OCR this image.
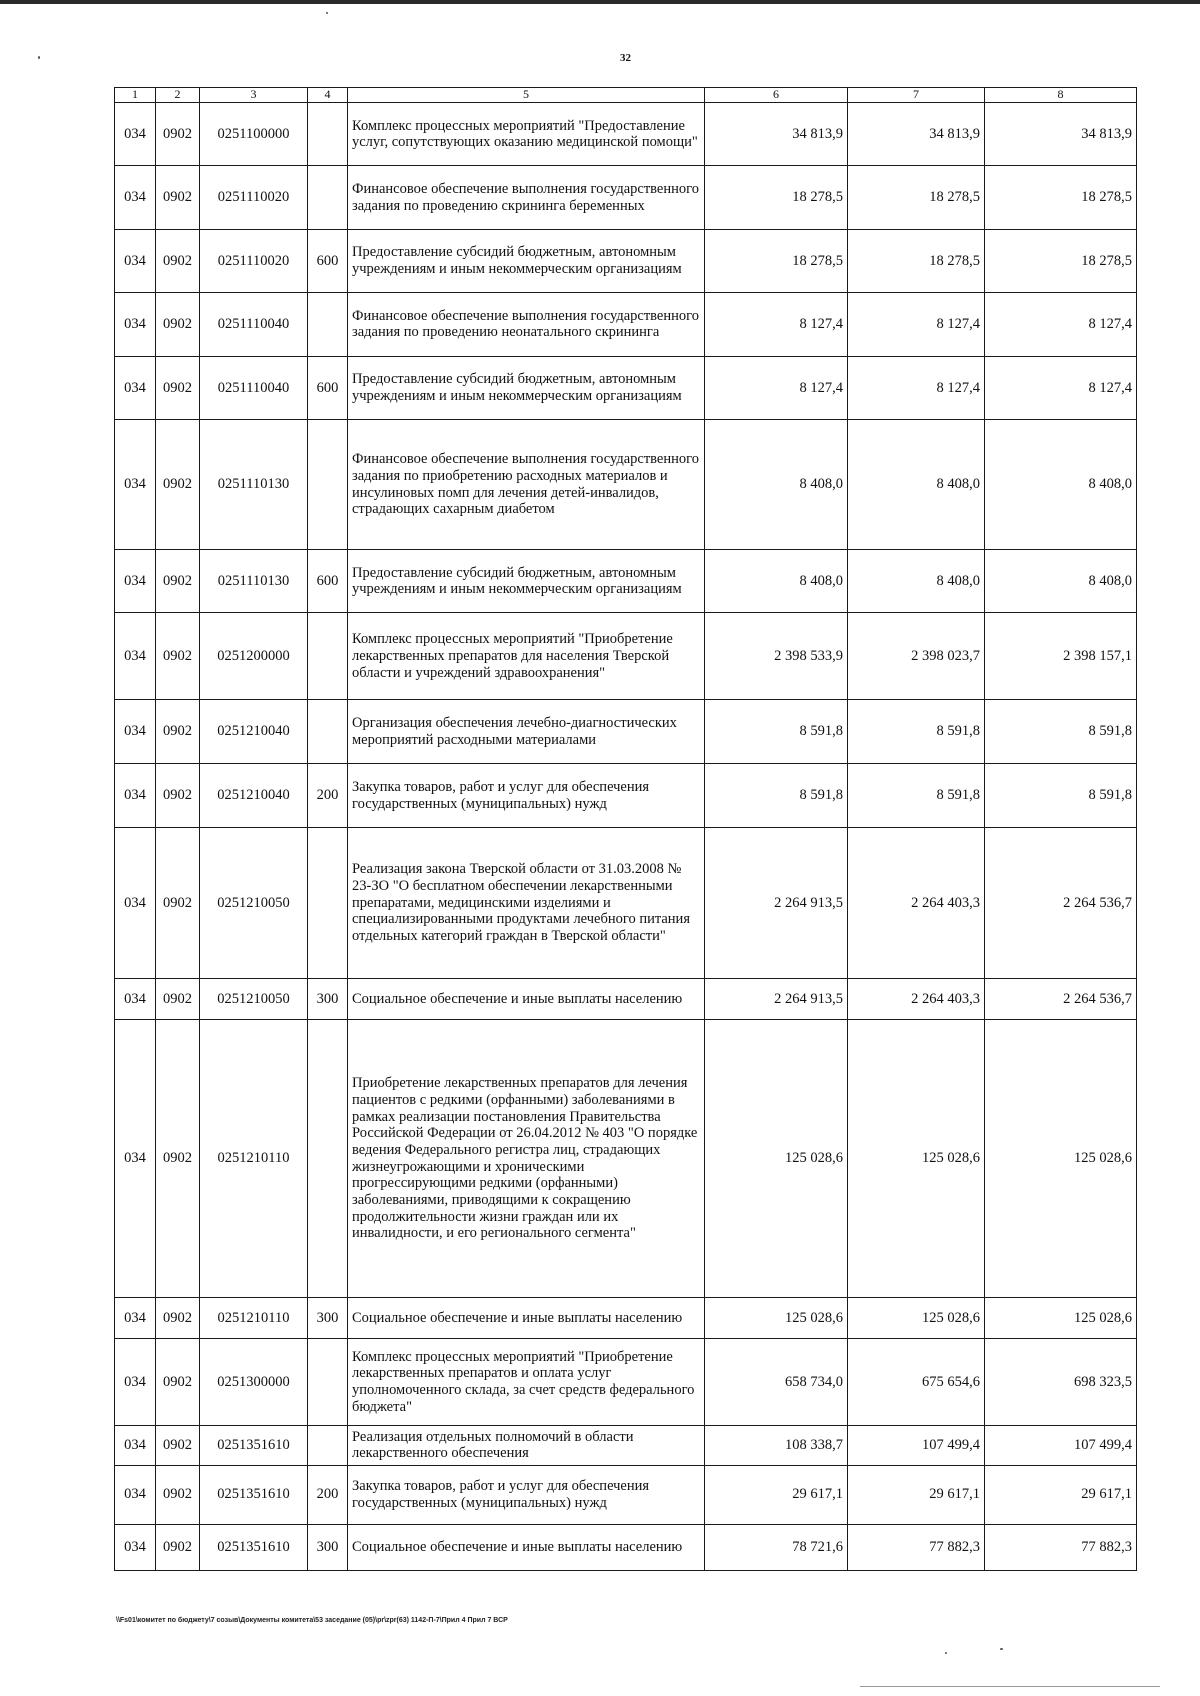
32
1	2	3	4	5	6	7	8
034	0902	0251100000		Комплекс процессных мероприятий "Предоставление услуг, сопутствующих оказанию медицинской помощи"	34 813,9	34 813,9	34 813,9
034	0902	0251110020		Финансовое обеспечение выполнения государственного задания по проведению скрининга беременных	18 278,5	18 278,5	18 278,5
034	0902	0251110020	600	Предоставление субсидий бюджетным, автономным учреждениям и иным некоммерческим организациям	18 278,5	18 278,5	18 278,5
034	0902	0251110040		Финансовое обеспечение выполнения государственного задания по проведению неонатального скрининга	8 127,4	8 127,4	8 127,4
034	0902	0251110040	600	Предоставление субсидий бюджетным, автономным учреждениям и иным некоммерческим организациям	8 127,4	8 127,4	8 127,4
034	0902	0251110130		Финансовое обеспечение выполнения государственного задания по приобретению расходных материалов и инсулиновых помп для лечения детей-инвалидов, страдающих сахарным диабетом	8 408,0	8 408,0	8 408,0
034	0902	0251110130	600	Предоставление субсидий бюджетным, автономным учреждениям и иным некоммерческим организациям	8 408,0	8 408,0	8 408,0
034	0902	0251200000		Комплекс процессных мероприятий "Приобретение лекарственных препаратов для населения Тверской области и учреждений здравоохранения"	2 398 533,9	2 398 023,7	2 398 157,1
034	0902	0251210040		Организация обеспечения лечебно-диагностических мероприятий расходными материалами	8 591,8	8 591,8	8 591,8
034	0902	0251210040	200	Закупка товаров, работ и услуг для обеспечения государственных (муниципальных) нужд	8 591,8	8 591,8	8 591,8
034	0902	0251210050		Реализация закона Тверской области от 31.03.2008 № 23-ЗО "О бесплатном обеспечении лекарственными препаратами, медицинскими изделиями и специализированными продуктами лечебного питания отдельных категорий граждан в Тверской области"	2 264 913,5	2 264 403,3	2 264 536,7
034	0902	0251210050	300	Социальное обеспечение и иные выплаты населению	2 264 913,5	2 264 403,3	2 264 536,7
034	0902	0251210110		Приобретение лекарственных препаратов для лечения пациентов с редкими (орфанными) заболеваниями в рамках реализации постановления Правительства Российской Федерации от 26.04.2012 № 403 "О порядке ведения Федерального регистра лиц, страдающих жизнеугрожающими и хроническими прогрессирующими редкими (орфанными) заболеваниями, приводящими к сокращению продолжительности жизни граждан или их инвалидности, и его регионального сегмента"	125 028,6	125 028,6	125 028,6
034	0902	0251210110	300	Социальное обеспечение и иные выплаты населению	125 028,6	125 028,6	125 028,6
034	0902	0251300000		Комплекс процессных мероприятий "Приобретение лекарственных препаратов и оплата услуг уполномоченного склада, за счет средств федерального бюджета"	658 734,0	675 654,6	698 323,5
034	0902	0251351610		Реализация отдельных полномочий в области лекарственного обеспечения	108 338,7	107 499,4	107 499,4
034	0902	0251351610	200	Закупка товаров, работ и услуг для обеспечения государственных (муниципальных) нужд	29 617,1	29 617,1	29 617,1
034	0902	0251351610	300	Социальное обеспечение и иные выплаты населению	78 721,6	77 882,3	77 882,3
\\Fs01\комитет по бюджету\7 созыв\Документы комитета\53 заседание (05)\pr\zpr(63) 1142-П-7\Прил 4 Прил 7 ВСР
